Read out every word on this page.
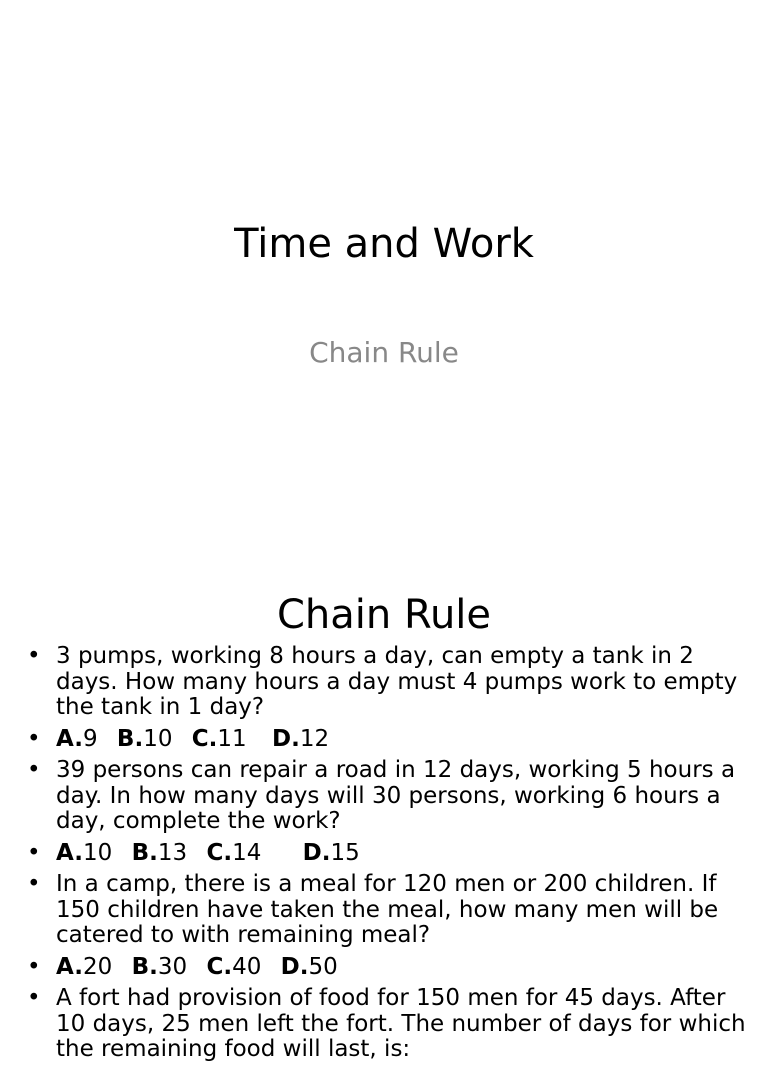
Time and Work
Chain Rule
Chain Rule
• 3 pumps, working 8 hours a day, can empty a tank in 2 days. How many hours a day must 4 pumps work to empty the tank in 1 day?
• A.9 B.10 C.11 D.12
• 39 persons can repair a road in 12 days, working 5 hours a day. In how many days will 30 persons, working 6 hours a day, complete the work?
• A.10 B.13 C.14 D.15
• In a camp, there is a meal for 120 men or 200 children. If 150 children have taken the meal, how many men will be catered to with remaining meal?
• A.20 B.30 C.40 D.50
• A fort had provision of food for 150 men for 45 days. After 10 days, 25 men left the fort. The number of days for which the remaining food will last, is:
